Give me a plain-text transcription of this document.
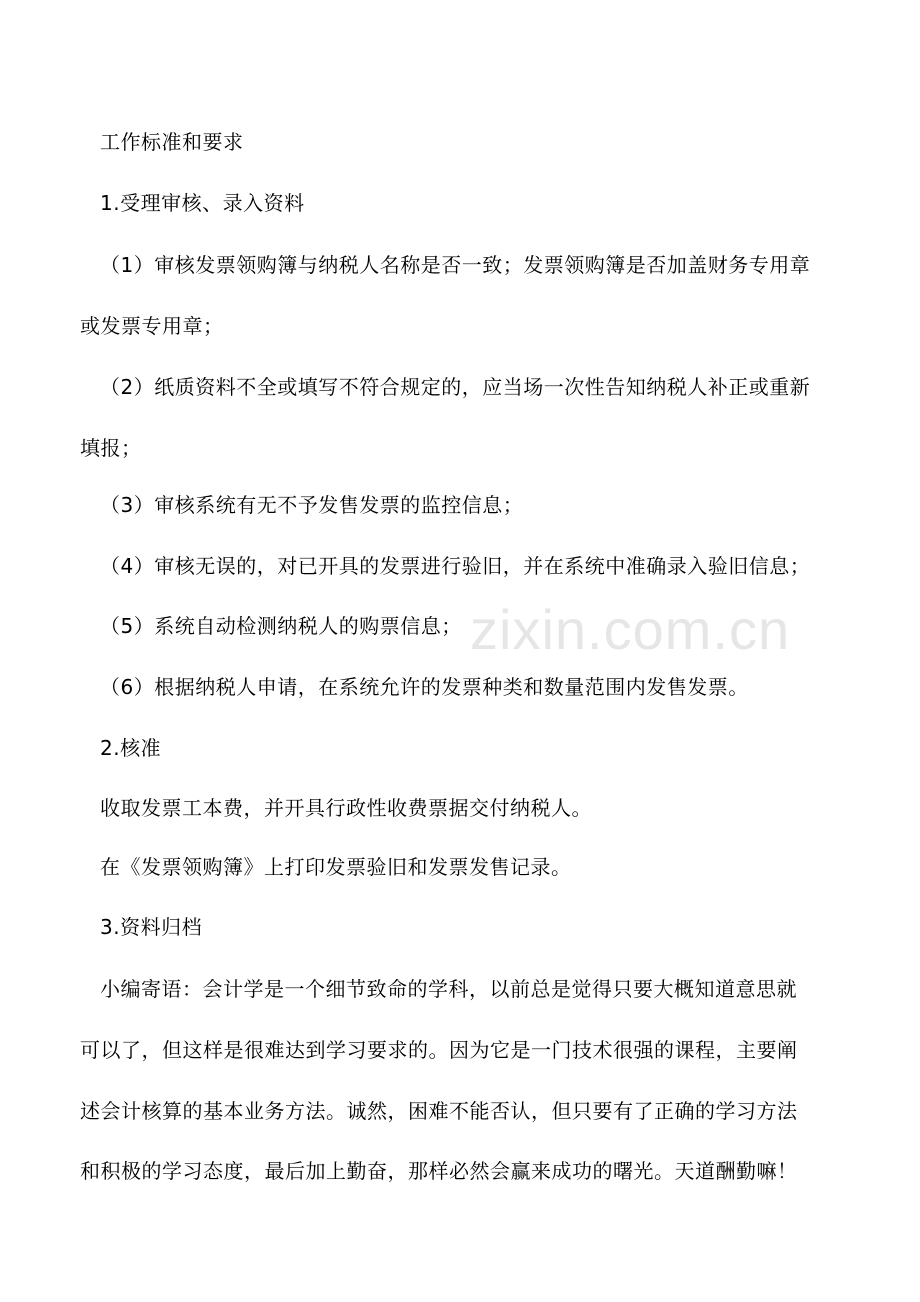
工作标准和要求
1.受理审核、录入资料
（1）审核发票领购簿与纳税人名称是否一致；发票领购簿是否加盖财务专用章
或发票专用章；
（2）纸质资料不全或填写不符合规定的，应当场一次性告知纳税人补正或重新
填报；
（3）审核系统有无不予发售发票的监控信息；
（4）审核无误的，对已开具的发票进行验旧，并在系统中准确录入验旧信息；
（5）系统自动检测纳税人的购票信息；
（6）根据纳税人申请，在系统允许的发票种类和数量范围内发售发票。
2.核准
收取发票工本费，并开具行政性收费票据交付纳税人。
在《发票领购簿》上打印发票验旧和发票发售记录。
3.资料归档
小编寄语：会计学是一个细节致命的学科，以前总是觉得只要大概知道意思就
可以了，但这样是很难达到学习要求的。因为它是一门技术很强的课程，主要阐
述会计核算的基本业务方法。诚然，困难不能否认，但只要有了正确的学习方法
和积极的学习态度，最后加上勤奋，那样必然会赢来成功的曙光。天道酬勤嘛！
zixin.com.cn
